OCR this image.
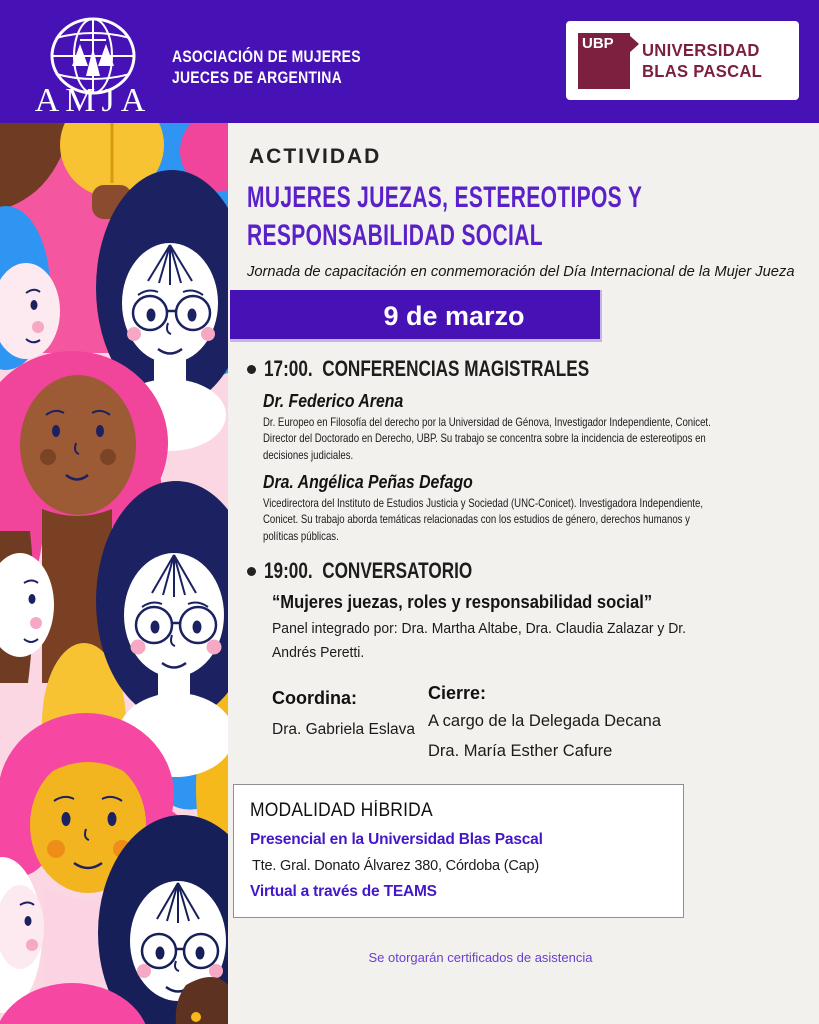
AMJA
ASOCIACIÓN DE MUJERES
JUECES DE ARGENTINA
UBP UNIVERSIDAD
BLAS PASCAL
ACTIVIDAD
MUJERES JUEZAS, ESTEREOTIPOS Y
RESPONSABILIDAD SOCIAL
Jornada de capacitación en conmemoración del Día Internacional de la Mujer Jueza
9 de marzo
17:00.  CONFERENCIAS MAGISTRALES
Dr. Federico Arena

Dr. Europeo en Filosofía del derecho por la Universidad de Génova, Investigador Independiente, Conicet. Director del Doctorado en Derecho, UBP. Su trabajo se concentra sobre la incidencia de estereotipos en decisiones judiciales.

Dra. Angélica Peñas Defago

Vicedirectora del Instituto de Estudios Justicia y Sociedad (UNC-Conicet). Investigadora Independiente, Conicet. Su trabajo aborda temáticas relacionadas con los estudios de género, derechos humanos y políticas públicas.

19:00.  CONVERSATORIO
“Mujeres juezas, roles y responsabilidad social”

Panel integrado por: Dra. Martha Altabe, Dra. Claudia Zalazar y Dr. Andrés Peretti.

Coordina:
Dra. Gabriela Eslava
Cierre:
A cargo de la Delegada Decana
Dra. María Esther Cafure
MODALIDAD HÍBRIDA
Presencial en la Universidad Blas Pascal
Tte. Gral. Donato Álvarez 380, Córdoba (Cap)
Virtual a través de TEAMS
Se otorgarán certificados de asistencia
